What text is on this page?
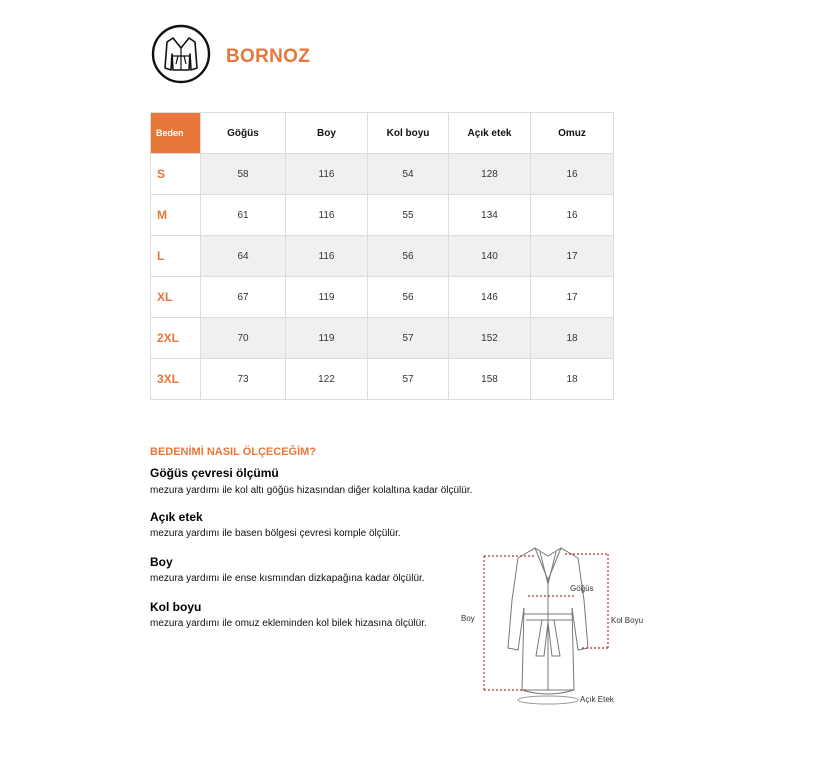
BORNOZ
Beden	Göğüs	Boy	Kol boyu	Açık etek	Omuz
S	58	116	54	128	16
M	61	116	55	134	16
L	64	116	56	140	17
XL	67	119	56	146	17
2XL	70	119	57	152	18
3XL	73	122	57	158	18
BEDENİMİ NASIL ÖLÇECEĞİM?
Göğüs çevresi ölçümü
mezura yardımı ile kol altı göğüs hizasından diğer kolaltına kadar ölçülür.
Açık etek
mezura yardımı ile basen bölgesi çevresi komple ölçülür.
Boy
mezura yardımı ile ense kısmından dizkapağına kadar ölçülür.
Kol boyu
mezura yardımı ile omuz ekleminden kol bilek hizasına ölçülür.	Boy
Göğüs
Kol Boyu
Açık Etek
